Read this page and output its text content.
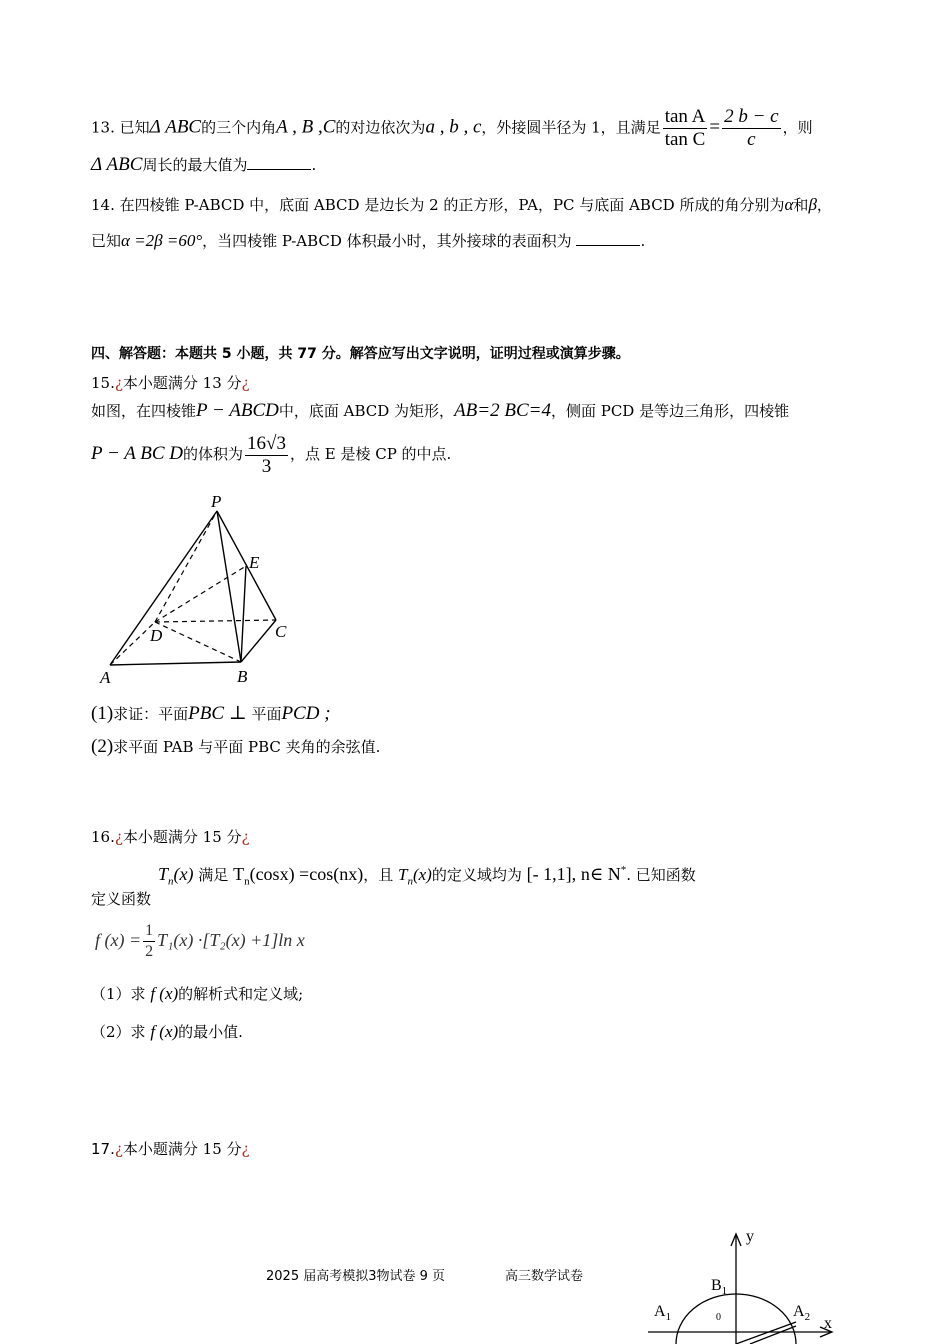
13. 已知Δ ABC的三个内角A , B ,C的对边依次为a , b , c，外接圆半径为 1，且满足 $\frac{\text{tan A}}{\text{tan C}} = \frac{2 b - c}{c}$ ，则
Δ ABC周长的最大值为	.
14. 在四棱锥 P-ABCD 中，底面 ABCD 是边长为 2 的正方形，PA，PC 与底面 ABCD 所成的角分别为α和β，
已知α =2β =60°，当四棱锥 P-ABCD 体积最小时，其外接球的表面积为	.
四、解答题：本题共 5 小题，共 77 分。解答应写出文字说明，证明过程或演算步骤。
15.¿本小题满分 13 分¿
如图，在四棱锥P − ABCD中，底面 ABCD 为矩形，AB=2 BC=4，侧面 PCD 是等边三角形，四棱锥
P − A BC D的体积为 $\frac{16√3}{3}$ ，点 E 是棱 CP 的中点.
P
E
D	C
A	B
(1)求证：平面PBC ⊥ 平面PCD ;
(2)求平面 PAB 与平面 PBC 夹角的余弦值.
16.¿本小题满分 15 分¿
$T_n(x)$ 满足 $T_n(\cos x) =\cos(nx)$，且 $T_n(x)$的定义域均为 [- 1,1], n∈ N*. 已知函数
定义函数
f $(x) = \frac{1}{2} T_1(x) \cdot[T_2(x) +1]\ln$ x
（1）求 f (x)的解析式和定义域;
（2）求 f (x)的最小值.
17.¿本小题满分 15 分¿
2025 届高考模拟3物试卷 9 页	高三数学试卷
y
x
$B_1$
$A_1$	$A_2$
0
